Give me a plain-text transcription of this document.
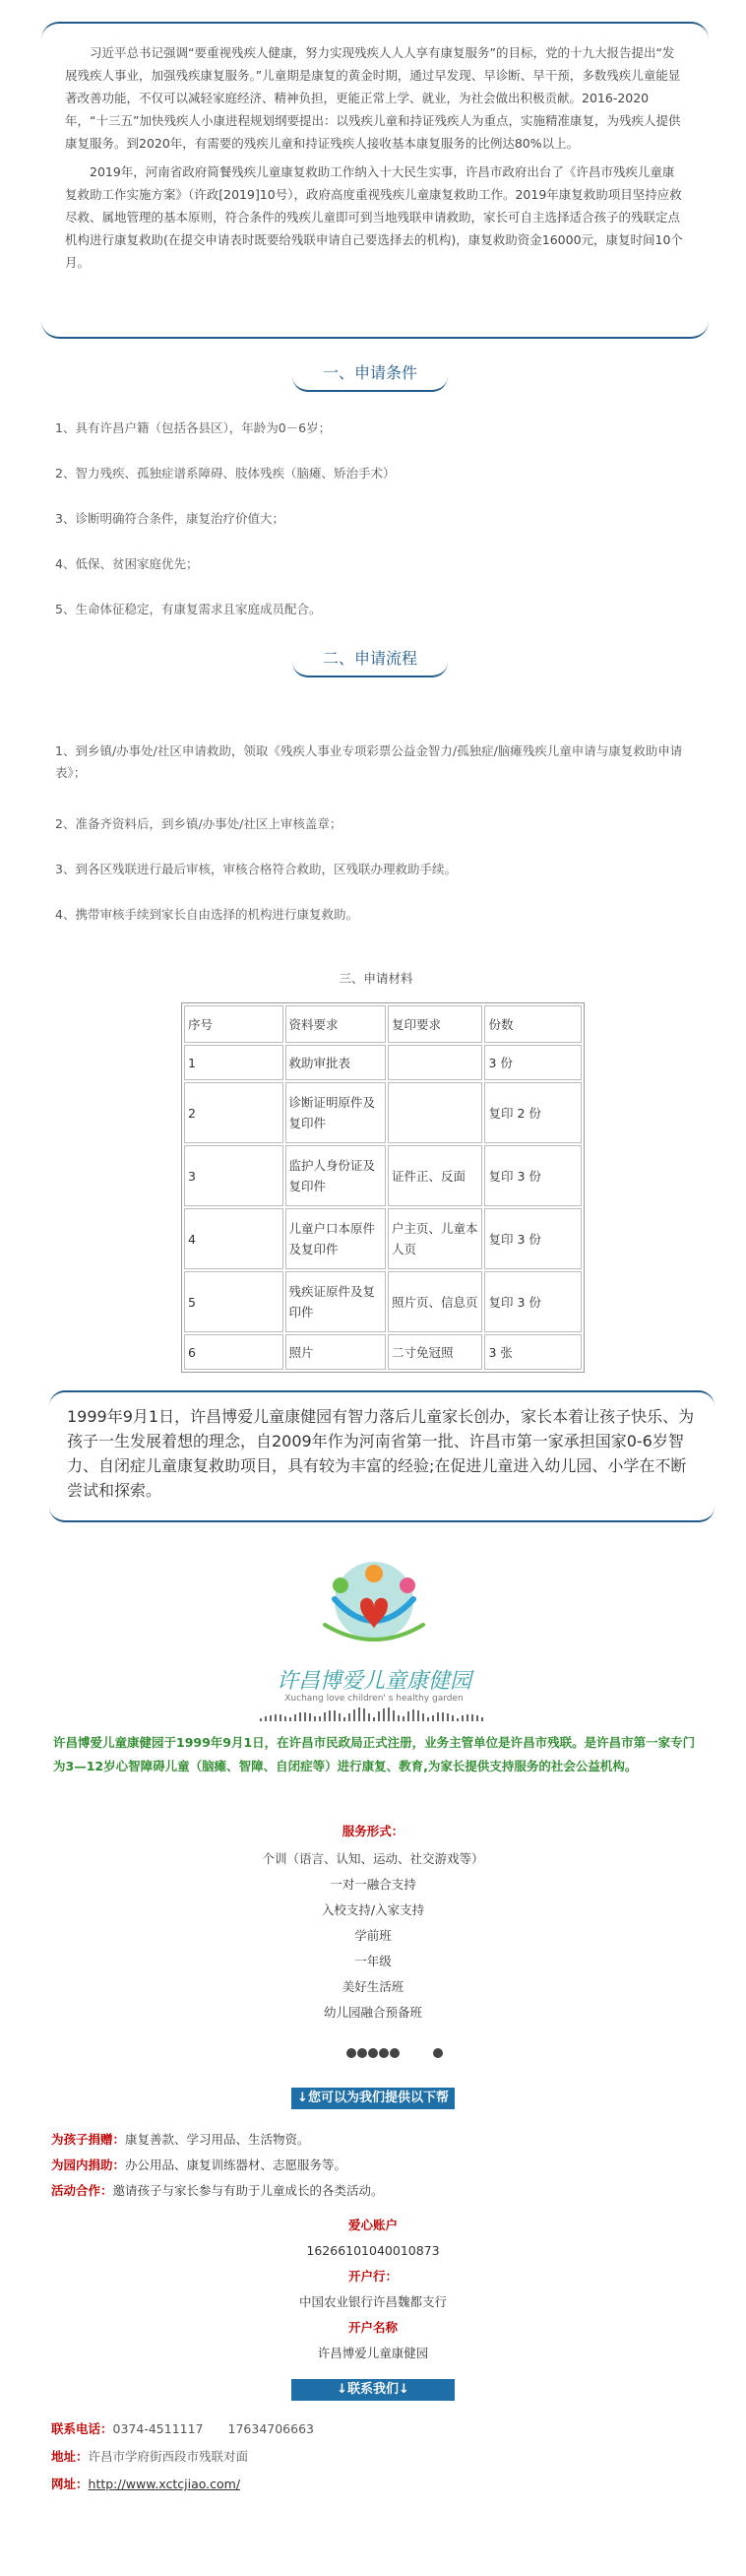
习近平总书记强调“要重视残疾人健康，努力实现残疾人人人享有康复服务”的目标，党的十九大报告提出“发展残疾人事业，加强残疾康复服务。”儿童期是康复的黄金时期，通过早发现、早诊断、早干预，多数残疾儿童能显著改善功能，不仅可以减轻家庭经济、精神负担，更能正常上学、就业，为社会做出积极贡献。2016-2020年，“十三五”加快残疾人小康进程规划纲要提出：以残疾儿童和持证残疾人为重点，实施精准康复，为残疾人提供康复服务。到2020年，有需要的残疾儿童和持证残疾人接收基本康复服务的比例达80%以上。

2019年，河南省政府简餐残疾儿童康复救助工作纳入十大民生实事，许昌市政府出台了《许昌市残疾儿童康复救助工作实施方案》（许政[2019]10号），政府高度重视残疾儿童康复救助工作。2019年康复救助项目坚持应救尽救、属地管理的基本原则，符合条件的残疾儿童即可到当地残联申请救助，家长可自主选择适合孩子的残联定点机构进行康复救助(在提交申请表时既要给残联申请自己要选择去的机构)，康复救助资金16000元，康复时间10个月。

一、申请条件
1、具有许昌户籍（包括各县区），年龄为0－6岁；
2、智力残疾、孤独症谱系障碍、肢体残疾（脑瘫、矫治手术）
3、诊断明确符合条件，康复治疗价值大；
4、低保、贫困家庭优先；
5、生命体征稳定，有康复需求且家庭成员配合。
二、申请流程
1、到乡镇/办事处/社区申请救助，领取《残疾人事业专项彩票公益金智力/孤独症/脑瘫残疾儿童申请与康复救助申请表》；
2、准备齐资料后，到乡镇/办事处/社区上审核盖章；
3、到各区残联进行最后审核，审核合格符合救助，区残联办理救助手续。
4、携带审核手续到家长自由选择的机构进行康复救助。
三、申请材料
序号	资料要求	复印要求	份数
1	救助审批表		3 份
2	诊断证明原件及复印件		复印 2 份
3	监护人身份证及复印件	证件正、反面	复印 3 份
4	儿童户口本原件及复印件	户主页、儿童本人页	复印 3 份
5	残疾证原件及复印件	照片页、信息页	复印 3 份
6	照片	二寸免冠照	3 张

1999年9月1日，许昌博爱儿童康健园有智力落后儿童家长创办，家长本着让孩子快乐、为孩子一生发展着想的理念，自2009年作为河南省第一批、许昌市第一家承担国家0-6岁智力、自闭症儿童康复救助项目，具有较为丰富的经验;在促进儿童进入幼儿园、小学在不断尝试和探索。

许昌博爱儿童康健园
Xuchang love children' s healthy garden
许昌博爱儿童康健园于1999年9月1日，在许昌市民政局正式注册，业务主管单位是许昌市残联。是许昌市第一家专门为3—12岁心智障碍儿童（脑瘫、智障、自闭症等）进行康复、教育,为家长提供支持服务的社会公益机构。
服务形式：
个训（语言、认知、运动、社交游戏等）
一对一融合支持
入校支持/入家支持
学前班
一年级
美好生活班
幼儿园融合预备班
↓您可以为我们提供以下帮助↓
为孩子捐赠：康复善款、学习用品、生活物资。
为园内捐助：办公用品、康复训练器材、志愿服务等。
活动合作：邀请孩子与家长参与有助于儿童成长的各类活动。
爱心账户
16266101040010873
开户行：
中国农业银行许昌魏都支行
开户名称
许昌博爱儿童康健园
↓联系我们↓
联系电话：0374-4511117　　17634706663
地址：许昌市学府街西段市残联对面
网址：http://www.xctcjiao.com/
